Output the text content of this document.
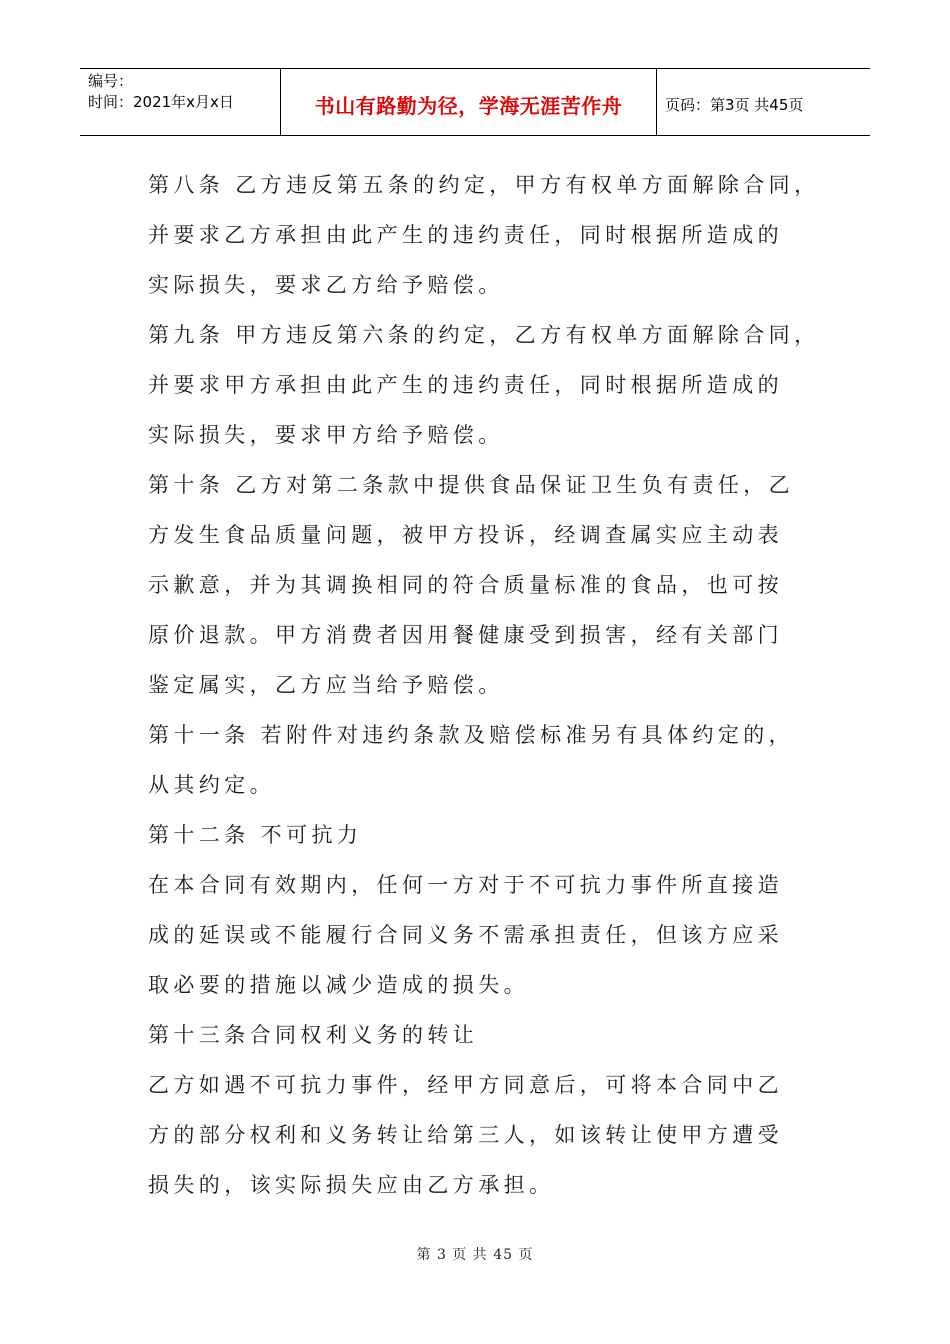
编号：
时间：2021年x月x日	书山有路勤为径，学海无涯苦作舟	页码：第3页 共45页

第八条 乙方违反第五条的约定，甲方有权单方面解除合同，

并要求乙方承担由此产生的违约责任，同时根据所造成的

实际损失，要求乙方给予赔偿。

第九条 甲方违反第六条的约定，乙方有权单方面解除合同，

并要求甲方承担由此产生的违约责任，同时根据所造成的

实际损失，要求甲方给予赔偿。

第十条 乙方对第二条款中提供食品保证卫生负有责任，乙

方发生食品质量问题，被甲方投诉，经调查属实应主动表

示歉意，并为其调换相同的符合质量标准的食品，也可按

原价退款。甲方消费者因用餐健康受到损害，经有关部门

鉴定属实，乙方应当给予赔偿。

第十一条 若附件对违约条款及赔偿标准另有具体约定的，

从其约定。

第十二条 不可抗力

在本合同有效期内，任何一方对于不可抗力事件所直接造

成的延误或不能履行合同义务不需承担责任，但该方应采

取必要的措施以减少造成的损失。

第十三条合同权利义务的转让

乙方如遇不可抗力事件，经甲方同意后，可将本合同中乙

方的部分权利和义务转让给第三人，如该转让使甲方遭受

损失的，该实际损失应由乙方承担。

第 3 页 共 45 页
